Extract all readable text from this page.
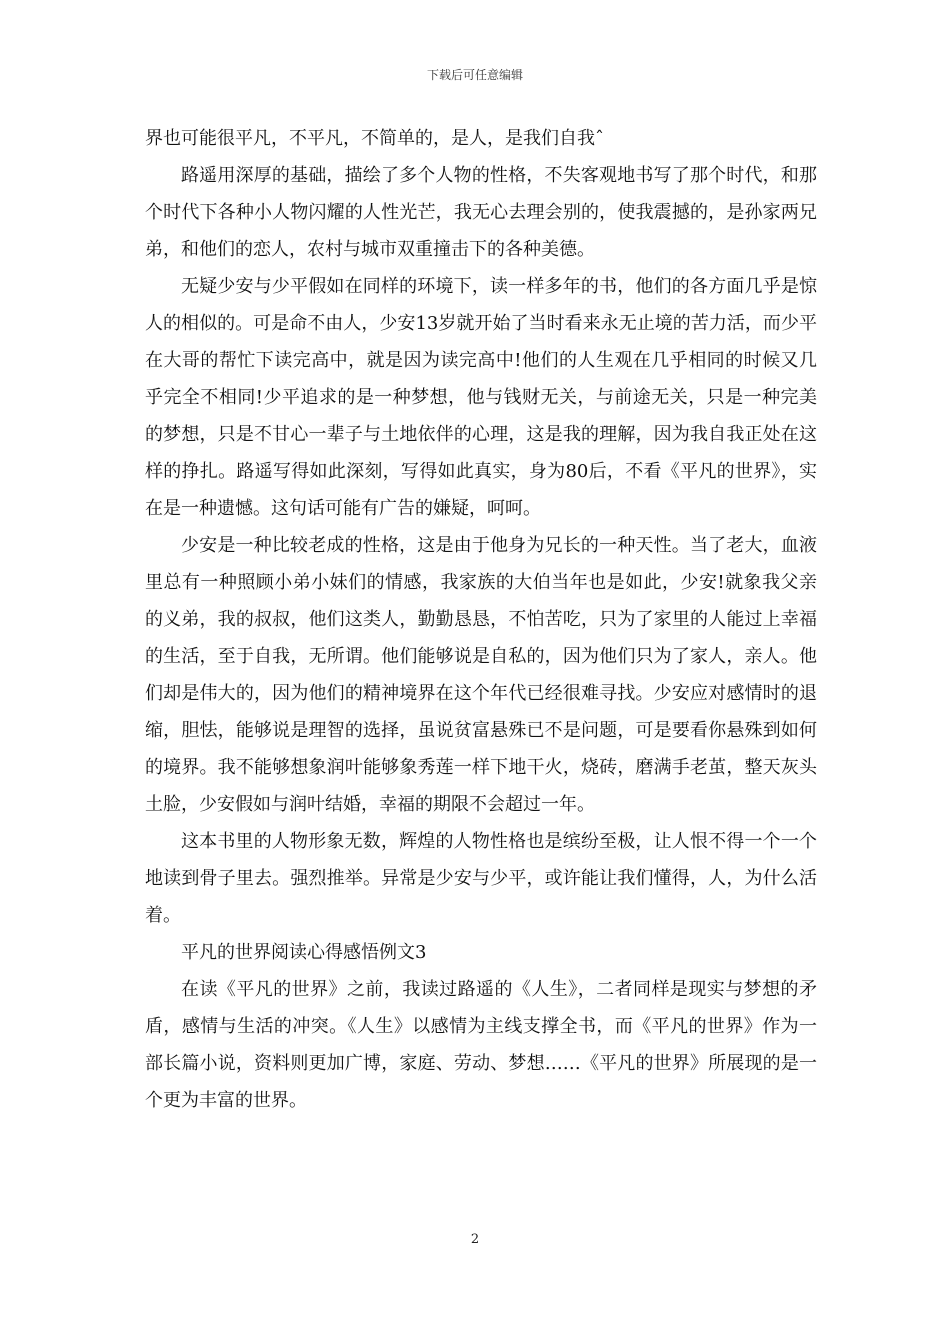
下载后可任意编辑

界也可能很平凡，不平凡，不简单的，是人，是我们自我ˆ

路遥用深厚的基础，描绘了多个人物的性格，不失客观地书写了那个时代，和那个时代下各种小人物闪耀的人性光芒，我无心去理会别的，使我震撼的，是孙家两兄弟，和他们的恋人，农村与城市双重撞击下的各种美德。

无疑少安与少平假如在同样的环境下，读一样多年的书，他们的各方面几乎是惊人的相似的。可是命不由人，少安13岁就开始了当时看来永无止境的苦力活，而少平在大哥的帮忙下读完高中，就是因为读完高中!他们的人生观在几乎相同的时候又几乎完全不相同!少平追求的是一种梦想，他与钱财无关，与前途无关，只是一种完美的梦想，只是不甘心一辈子与土地依伴的心理，这是我的理解，因为我自我正处在这样的挣扎。路遥写得如此深刻，写得如此真实，身为80后，不看《平凡的世界》，实在是一种遗憾。这句话可能有广告的嫌疑，呵呵。

少安是一种比较老成的性格，这是由于他身为兄长的一种天性。当了老大，血液里总有一种照顾小弟小妹们的情感，我家族的大伯当年也是如此，少安!就象我父亲的义弟，我的叔叔，他们这类人，勤勤恳恳，不怕苦吃，只为了家里的人能过上幸福的生活，至于自我，无所谓。他们能够说是自私的，因为他们只为了家人，亲人。他们却是伟大的，因为他们的精神境界在这个年代已经很难寻找。少安应对感情时的退缩，胆怯，能够说是理智的选择，虽说贫富悬殊已不是问题，可是要看你悬殊到如何的境界。我不能够想象润叶能够象秀莲一样下地干火，烧砖，磨满手老茧，整天灰头土脸，少安假如与润叶结婚，幸福的期限不会超过一年。

这本书里的人物形象无数，辉煌的人物性格也是缤纷至极，让人恨不得一个一个地读到骨子里去。强烈推举。异常是少安与少平，或许能让我们懂得，人，为什么活着。

平凡的世界阅读心得感悟例文3

在读《平凡的世界》之前，我读过路遥的《人生》，二者同样是现实与梦想的矛盾，感情与生活的冲突。《人生》以感情为主线支撑全书，而《平凡的世界》作为一部长篇小说，资料则更加广博，家庭、劳动、梦想……《平凡的世界》所展现的是一个更为丰富的世界。

2
